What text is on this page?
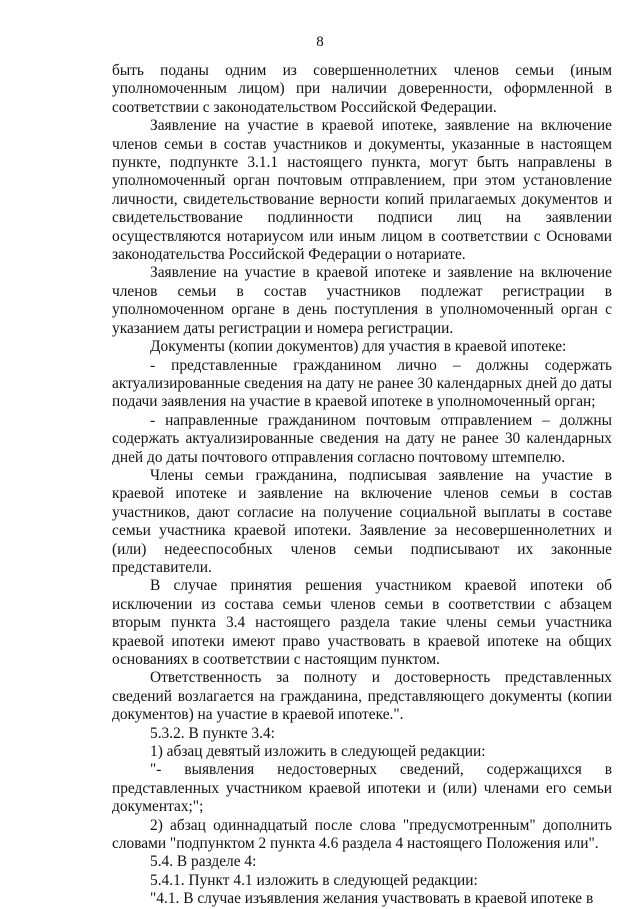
8

быть поданы одним из совершеннолетних членов семьи (иным уполномоченным лицом) при наличии доверенности, оформленной в соответствии с законодательством Российской Федерации.

Заявление на участие в краевой ипотеке, заявление на включение членов семьи в состав участников и документы, указанные в настоящем пункте, подпункте 3.1.1 настоящего пункта, могут быть направлены в уполномоченный орган почтовым отправлением, при этом установление личности, свидетельствование верности копий прилагаемых документов и свидетельствование подлинности подписи лиц на заявлении осуществляются нотариусом или иным лицом в соответствии с Основами законодательства Российской Федерации о нотариате.

Заявление на участие в краевой ипотеке и заявление на включение членов семьи в состав участников подлежат регистрации в уполномоченном органе в день поступления в уполномоченный орган с указанием даты регистрации и номера регистрации.

Документы (копии документов) для участия в краевой ипотеке:

- представленные гражданином лично – должны содержать актуализированные сведения на дату не ранее 30 календарных дней до даты подачи заявления на участие в краевой ипотеке в уполномоченный орган;

- направленные гражданином почтовым отправлением – должны содержать актуализированные сведения на дату не ранее 30 календарных дней до даты почтового отправления согласно почтовому штемпелю.

Члены семьи гражданина, подписывая заявление на участие в краевой ипотеке и заявление на включение членов семьи в состав участников, дают согласие на получение социальной выплаты в составе семьи участника краевой ипотеки. Заявление за несовершеннолетних и (или) недееспособных членов семьи подписывают их законные представители.

В случае принятия решения участником краевой ипотеки об исключении из состава семьи членов семьи в соответствии с абзацем вторым пункта 3.4 настоящего раздела такие члены семьи участника краевой ипотеки имеют право участвовать в краевой ипотеке на общих основаниях в соответствии с настоящим пунктом.

Ответственность за полноту и достоверность представленных сведений возлагается на гражданина, представляющего документы (копии документов) на участие в краевой ипотеке.".

5.3.2. В пункте 3.4:

1) абзац девятый изложить в следующей редакции:

"- выявления недостоверных сведений, содержащихся в представленных участником краевой ипотеки и (или) членами его семьи документах;";

2) абзац одиннадцатый после слова "предусмотренным" дополнить словами "подпунктом 2 пункта 4.6 раздела 4 настоящего Положения или".

5.4. В разделе 4:

5.4.1. Пункт 4.1 изложить в следующей редакции:

"4.1. В случае изъявления желания участвовать в краевой ипотеке в
